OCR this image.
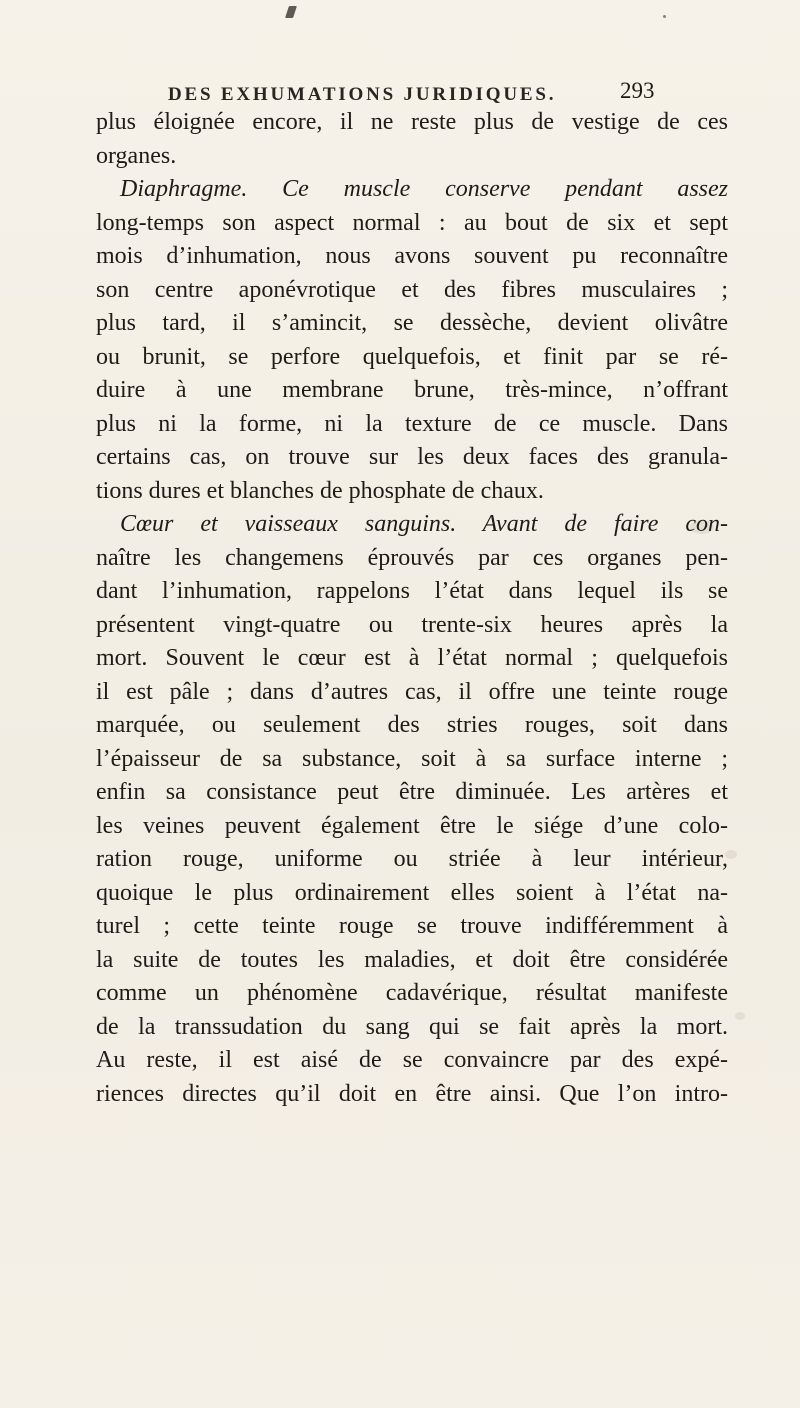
DES EXHUMATIONS JURIDIQUES.	293
plus éloignée encore, il ne reste plus de vestige de ces
organes.
Diaphragme. Ce muscle conserve pendant assez
long-temps son aspect normal : au bout de six et sept
mois d’inhumation, nous avons souvent pu reconnaître
son centre aponévrotique et des fibres musculaires ;
plus tard, il s’amincit, se dessèche, devient olivâtre
ou brunit, se perfore quelquefois, et finit par se ré-
duire à une membrane brune, très-mince, n’offrant
plus ni la forme, ni la texture de ce muscle. Dans
certains cas, on trouve sur les deux faces des granula-
tions dures et blanches de phosphate de chaux.
Cœur et vaisseaux sanguins. Avant de faire con-
naître les changemens éprouvés par ces organes pen-
dant l’inhumation, rappelons l’état dans lequel ils se
présentent vingt-quatre ou trente-six heures après la
mort. Souvent le cœur est à l’état normal ; quelquefois
il est pâle ; dans d’autres cas, il offre une teinte rouge
marquée, ou seulement des stries rouges, soit dans
l’épaisseur de sa substance, soit à sa surface interne ;
enfin sa consistance peut être diminuée. Les artères et
les veines peuvent également être le siége d’une colo-
ration rouge, uniforme ou striée à leur intérieur,
quoique le plus ordinairement elles soient à l’état na-
turel ; cette teinte rouge se trouve indifféremment à
la suite de toutes les maladies, et doit être considérée
comme un phénomène cadavérique, résultat manifeste
de la transsudation du sang qui se fait après la mort.
Au reste, il est aisé de se convaincre par des expé-
riences directes qu’il doit en être ainsi. Que l’on intro-
